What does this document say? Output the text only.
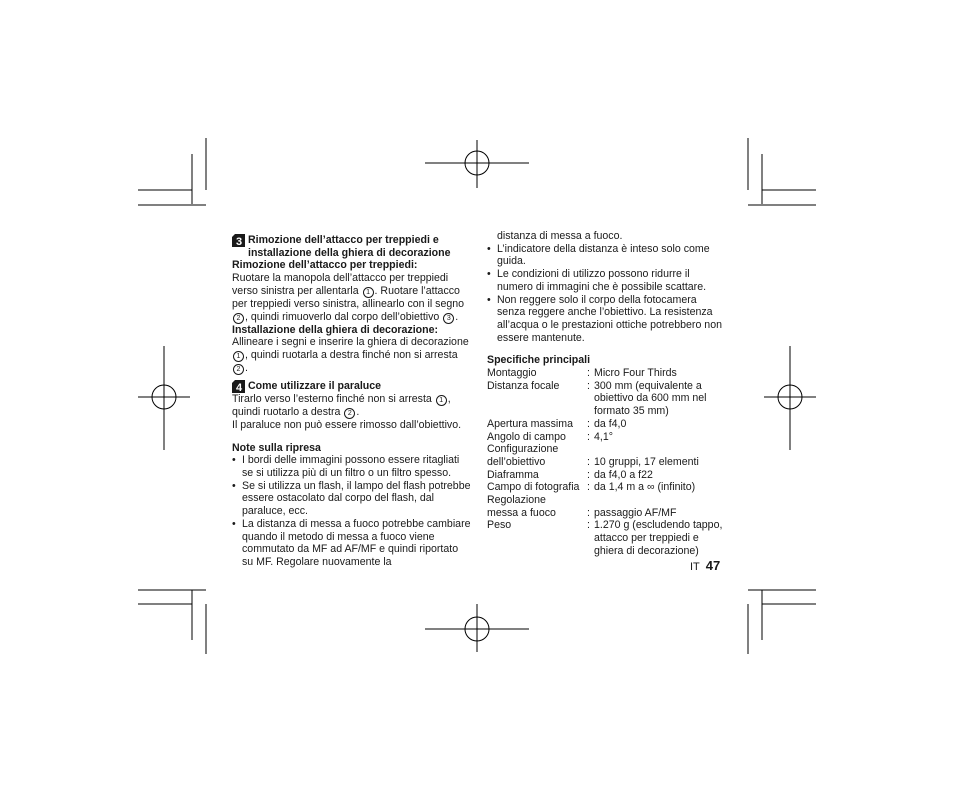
3 Rimozione dell’attacco per treppiedi e
installazione della ghiera di decorazione

Rimozione dell’attacco per treppiedi:

Ruotare la manopola dell’attacco per treppiedi verso sinistra per allentarla 1 . Ruotare l’attacco per treppiedi verso sinistra, allinearlo con il segno 2 , quindi rimuoverlo dal corpo dell’obiettivo 3 .

Installazione della ghiera di decorazione:

Allineare i segni e inserire la ghiera di decorazione 1 , quindi ruotarla a destra finché non si arresta 2 .

4 Come utilizzare il paraluce

Tirarlo verso l’esterno finché non si arresta 1 ,
quindi ruotarlo a destra 2 .

Il paraluce non può essere rimosso dall’obiettivo.

Note sulla ripresa

• I bordi delle immagini possono essere ritagliati se si utilizza più di un filtro o un filtro spesso.
• Se si utilizza un flash, il lampo del flash potrebbe essere ostacolato dal corpo del flash, dal paraluce, ecc.
• La distanza di messa a fuoco potrebbe cambiare quando il metodo di messa a fuoco viene commutato da MF ad AF/MF e quindi riportato su MF. Regolare nuovamente la

distanza di messa a fuoco.

• L’indicatore della distanza è inteso solo come guida.
• Le condizioni di utilizzo possono ridurre il numero di immagini che è possibile scattare.
• Non reggere solo il corpo della fotocamera senza reggere anche l’obiettivo. La resistenza all’acqua o le prestazioni ottiche potrebbero non essere mantenute.

Specifiche principali

Montaggio	: Micro Four Thirds
Distanza focale	: 300 mm (equivalente a obiettivo da 600 mm nel formato 35 mm)
Apertura massima	: da f4,0
Angolo di campo	: 4,1°
Configurazione
dell’obiettivo	: 10 gruppi, 17 elementi
Diaframma	: da f4,0 a f22
Campo di fotografia : da 1,4 m a ∞ (infinito)
Regolazione
messa a fuoco	: passaggio AF/MF
Peso	: 1.270 g (escludendo tappo, attacco per treppiedi e ghiera di decorazione)
IT 47
